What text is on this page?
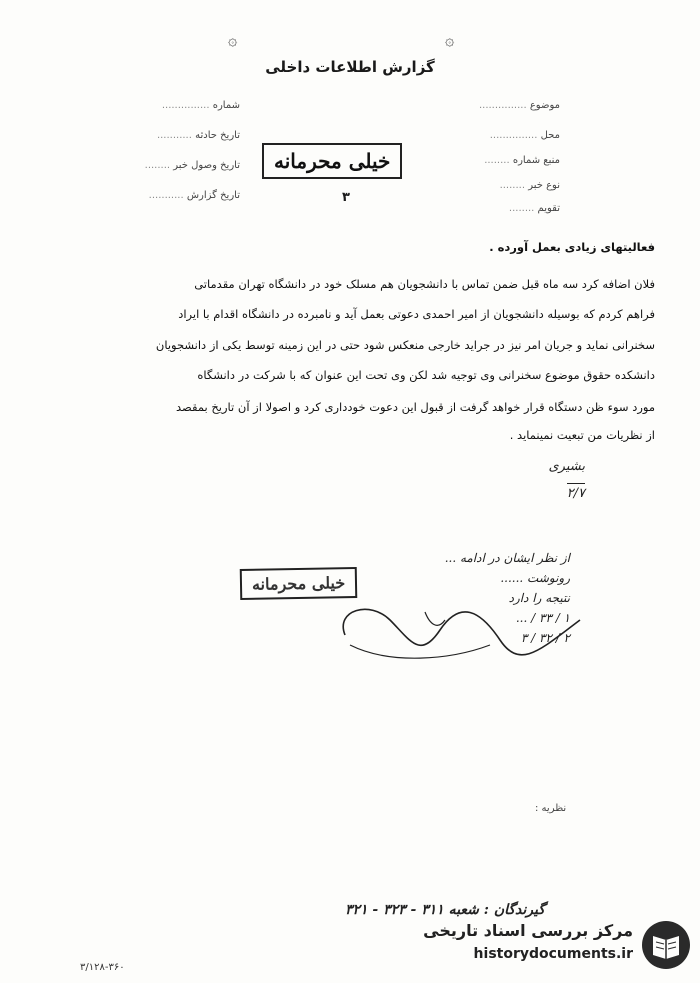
۞
۞
گزارش اطلاعات داخلی
موضوع ...............
محل ...............
منبع شماره ........
نوع خبر ........
تقویم ........
شماره ...............
تاریخ حادثه ...........
تاریخ وصول خبر ........
تاریخ گزارش ...........
خیلی محرمانه
۳
فعالیتهای زیادی بعمل آورده .
فلان اضافه کرد سه ماه قبل ضمن تماس با دانشجویان هم مسلک خود در دانشگاه تهران مقدماتی
فراهم کردم که بوسیله دانشجویان از امیر احمدی دعوتی بعمل آید و نامبرده در دانشگاه اقدام با ایراد
سخنرانی نماید و جریان امر نیز در جراید خارجی منعکس شود حتی در این زمینه توسط یکی از دانشجویان
دانشکده حقوق موضوع سخنرانی وی توجیه شد لکن وی تحت این عنوان که با شرکت در دانشگاه
مورد سوء ظن دستگاه قرار خواهد گرفت از قبول این دعوت خودداری کرد و اصولا از آن تاریخ بمقصد
از نظریات من تبعیت نمینماید .
بشیری
۲/۷
خیلی محرمانه
از نظر ایشان در ادامه ...
رونوشت ......
نتیجه را دارد
۱ / ۳۳ / ...
۲ / ۳۲ / ۳
نظریه :
گیرندگان : شعبه ۳۱۱ - ۳۲۳ - ۳۲۱
۳/۱۲۸-۳۶۰
مرکز بررسی اسناد تاریخی
historydocuments.ir
